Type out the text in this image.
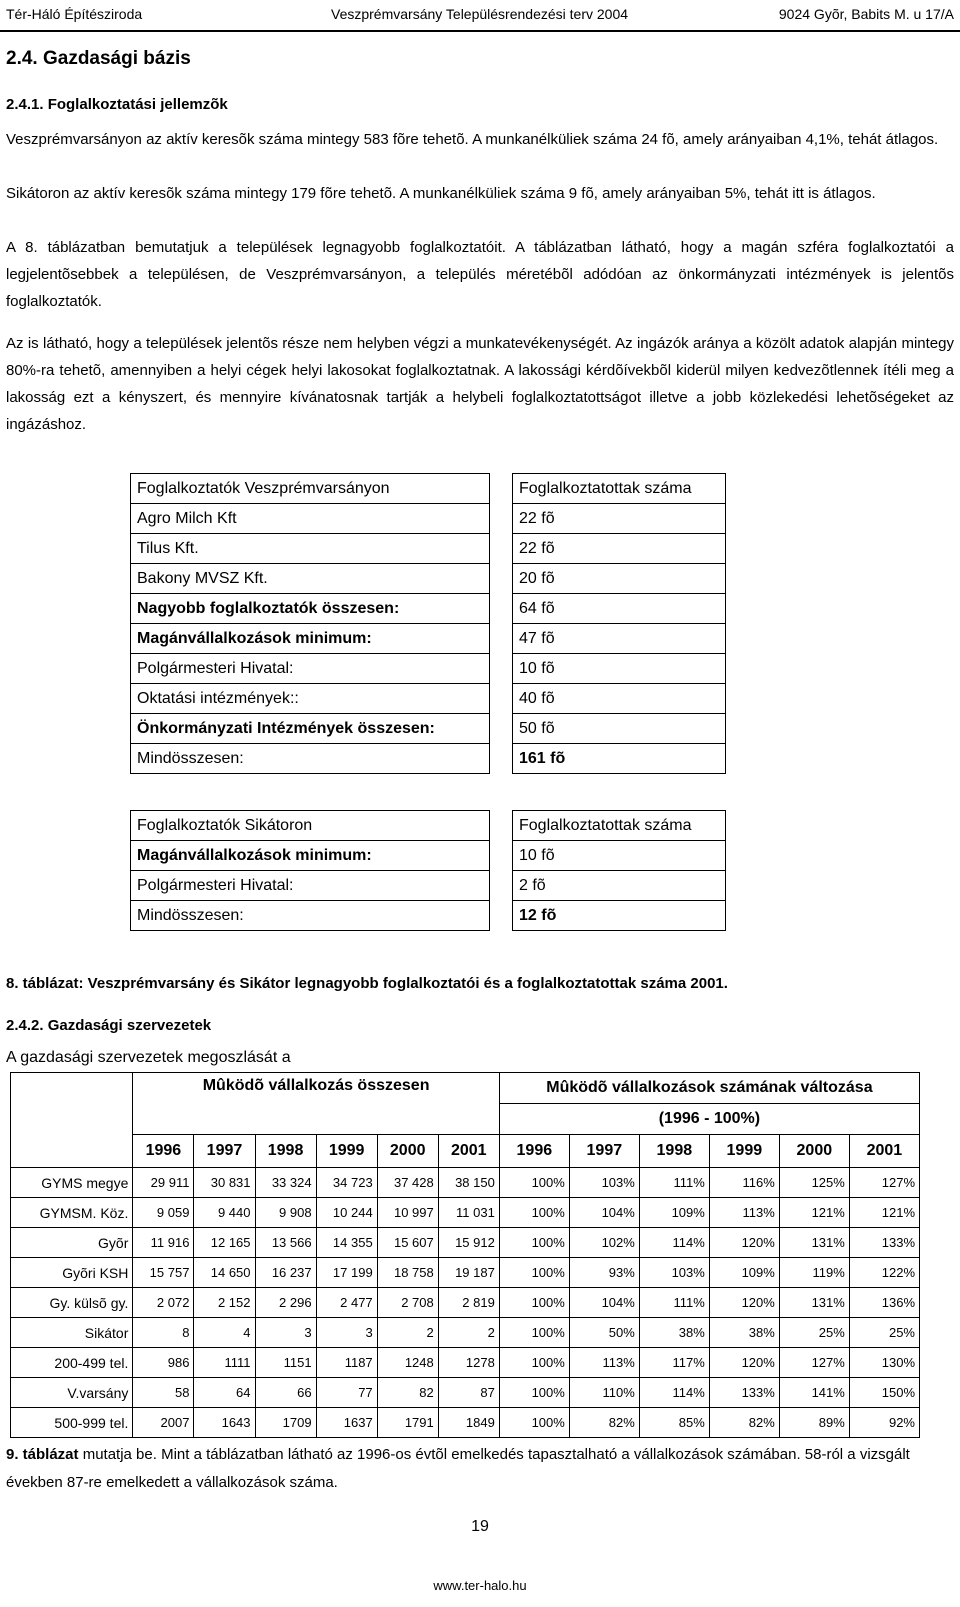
Tér-Háló Építésziroda	Veszprémvarsány Településrendezési terv 2004	9024 Gyõr, Babits M. u 17/A
2.4. Gazdasági bázis
2.4.1. Foglalkoztatási jellemzõk
Veszprémvarsányon az aktív keresõk száma mintegy 583 fõre tehetõ. A munkanélküliek száma 24 fõ, amely arányaiban 4,1%, tehát átlagos.
Sikátoron az aktív keresõk száma mintegy 179 fõre tehetõ. A munkanélküliek száma 9 fõ, amely arányaiban 5%, tehát itt is átlagos.
A 8. táblázatban bemutatjuk a települések legnagyobb foglalkoztatóit. A táblázatban látható, hogy a magán szféra foglalkoztatói a legjelentõsebbek a településen, de Veszprémvarsányon, a település méretébõl adódóan az önkormányzati intézmények is jelentõs foglalkoztatók.
Az is látható, hogy a települések jelentõs része nem helyben végzi a munkatevékenységét. Az ingázók aránya a közölt adatok alapján mintegy 80%-ra tehetõ, amennyiben a helyi cégek helyi lakosokat foglalkoztatnak. A lakossági kérdõívekbõl kiderül milyen kedvezõtlennek ítéli meg a lakosság ezt a kényszert, és mennyire kívánatosnak tartják a helybeli foglalkoztatottságot illetve a jobb közlekedési lehetõségeket az ingázáshoz.
Foglalkoztatók Veszprémvarsányon		Foglalkoztatottak száma
Agro Milch Kft		22 fõ
Tilus Kft.		22 fõ
Bakony MVSZ Kft.		20 fõ
Nagyobb foglalkoztatók összesen:		64 fõ
Magánvállalkozások minimum:		47 fõ
Polgármesteri Hivatal:		10 fõ
Oktatási intézmények::		40 fõ
Önkormányzati Intézmények összesen:		50 fõ
Mindösszesen:		161 fõ
Foglalkoztatók Sikátoron		Foglalkoztatottak száma
Magánvállalkozások minimum:		10 fõ
Polgármesteri Hivatal:		2 fõ
Mindösszesen:		12 fõ
8. táblázat: Veszprémvarsány és Sikátor legnagyobb foglalkoztatói és a foglalkoztatottak száma 2001.
2.4.2. Gazdasági szervezetek
A gazdasági szervezetek megoszlását a
	Mûködõ vállalkozás összesen						Mûködõ vállalkozások számának változása					
							(1996 - 100%)					
	1996	1997	1998	1999	2000	2001	1996	1997	1998	1999	2000	2001
GYMS megye	29 911	30 831	33 324	34 723	37 428	38 150	100%	103%	111%	116%	125%	127%
GYMSM. Köz.	9 059	9 440	9 908	10 244	10 997	11 031	100%	104%	109%	113%	121%	121%
Gyõr	11 916	12 165	13 566	14 355	15 607	15 912	100%	102%	114%	120%	131%	133%
Gyõri KSH	15 757	14 650	16 237	17 199	18 758	19 187	100%	93%	103%	109%	119%	122%
Gy. külsõ gy.	2 072	2 152	2 296	2 477	2 708	2 819	100%	104%	111%	120%	131%	136%
Sikátor	8	4	3	3	2	2	100%	50%	38%	38%	25%	25%
200-499 tel.	986	1111	1151	1187	1248	1278	100%	113%	117%	120%	127%	130%
V.varsány	58	64	66	77	82	87	100%	110%	114%	133%	141%	150%
500-999 tel.	2007	1643	1709	1637	1791	1849	100%	82%	85%	82%	89%	92%
9. táblázat mutatja be. Mint a táblázatban látható az 1996-os évtõl emelkedés tapasztalható a vállalkozások számában. 58-ról a vizsgált években 87-re emelkedett a vállalkozások száma.
19
www.ter-halo.hu
